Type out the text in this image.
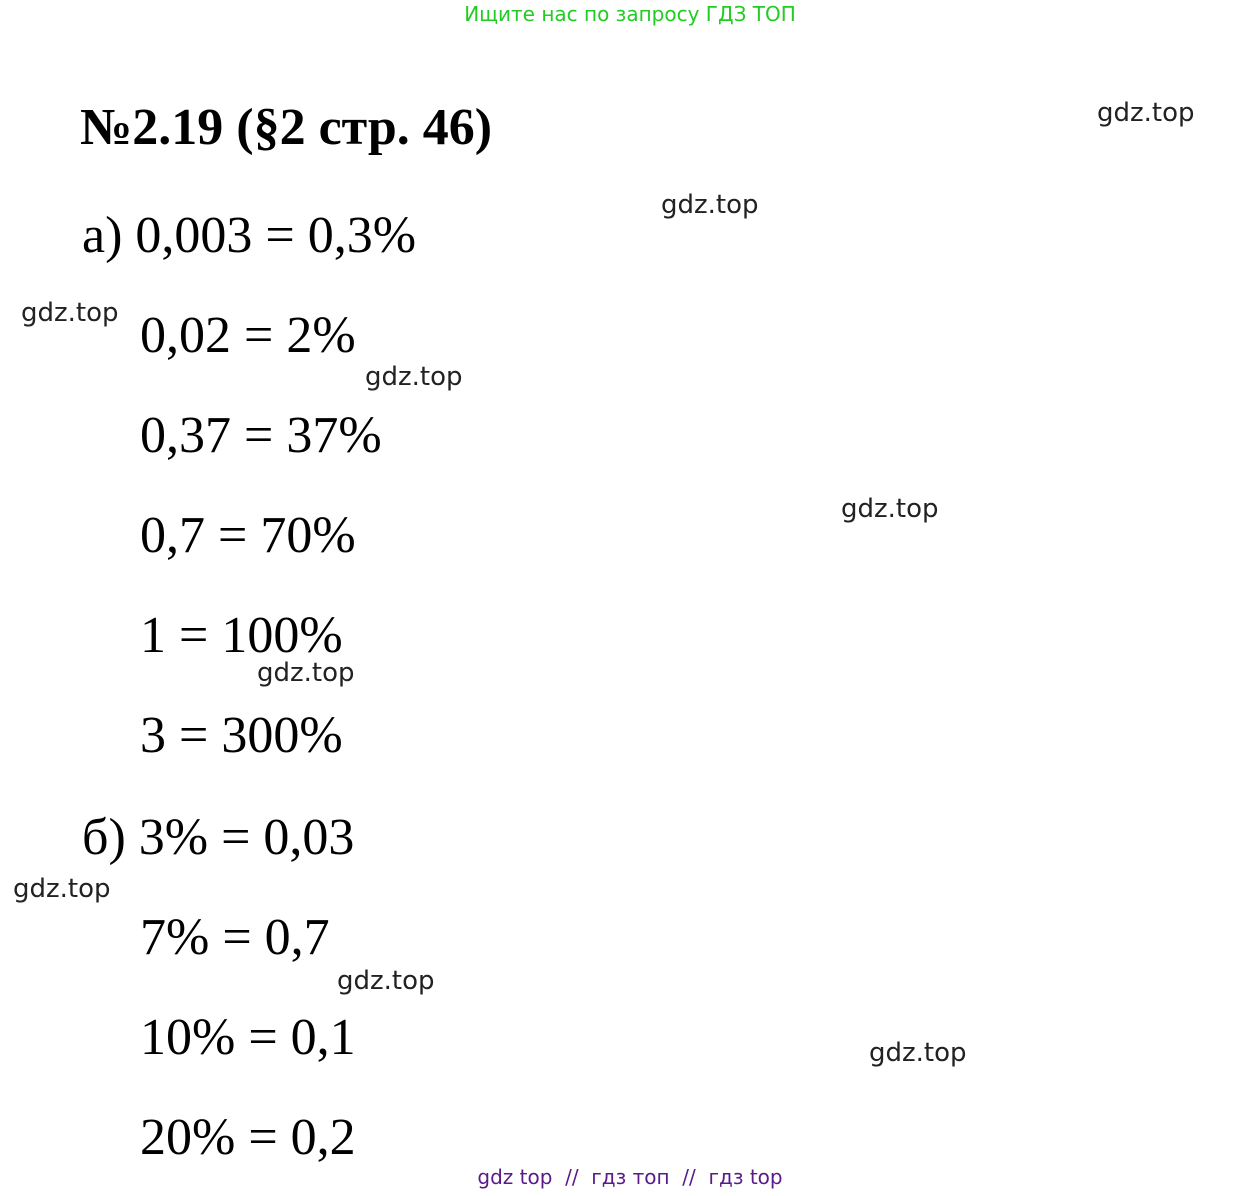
Ищите нас по запросу ГДЗ ТОП
№2.19 (§2 стр. 46)
а) 0,003 = 0,3%
0,02 = 2%
0,37 = 37%
0,7 = 70%
1 = 100%
3 = 300%
б) 3% = 0,03
7% = 0,7
10% = 0,1
20% = 0,2
gdz.top
gdz.top
gdz.top
gdz.top
gdz.top
gdz.top
gdz.top
gdz.top
gdz.top
gdz top  //  гдз топ  //  гдз top
